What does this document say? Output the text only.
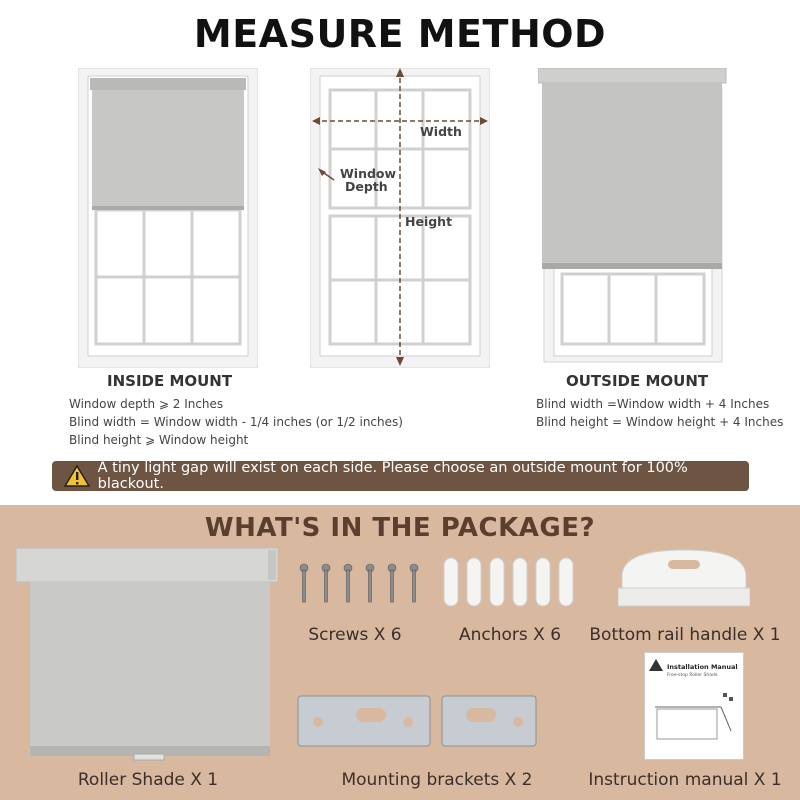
MEASURE METHOD
Width
Window
Depth
Height
INSIDE MOUNT
Window depth ⩾ 2 Inches
Blind width = Window width - 1/4 inches (or 1/2 inches)
Blind height ⩾ Window height
OUTSIDE MOUNT
Blind width =Window width + 4 Inches
Blind height = Window height + 4 Inches
A tiny light gap will exist on each side. Please choose an outside mount for 100% blackout.
WHAT'S IN THE PACKAGE?
Installation Manual
Free-stop Roller Shade
Screws X 6	Anchors X 6	Bottom rail handle X 1
Roller Shade X 1	Mounting brackets X 2	Instruction manual X 1
